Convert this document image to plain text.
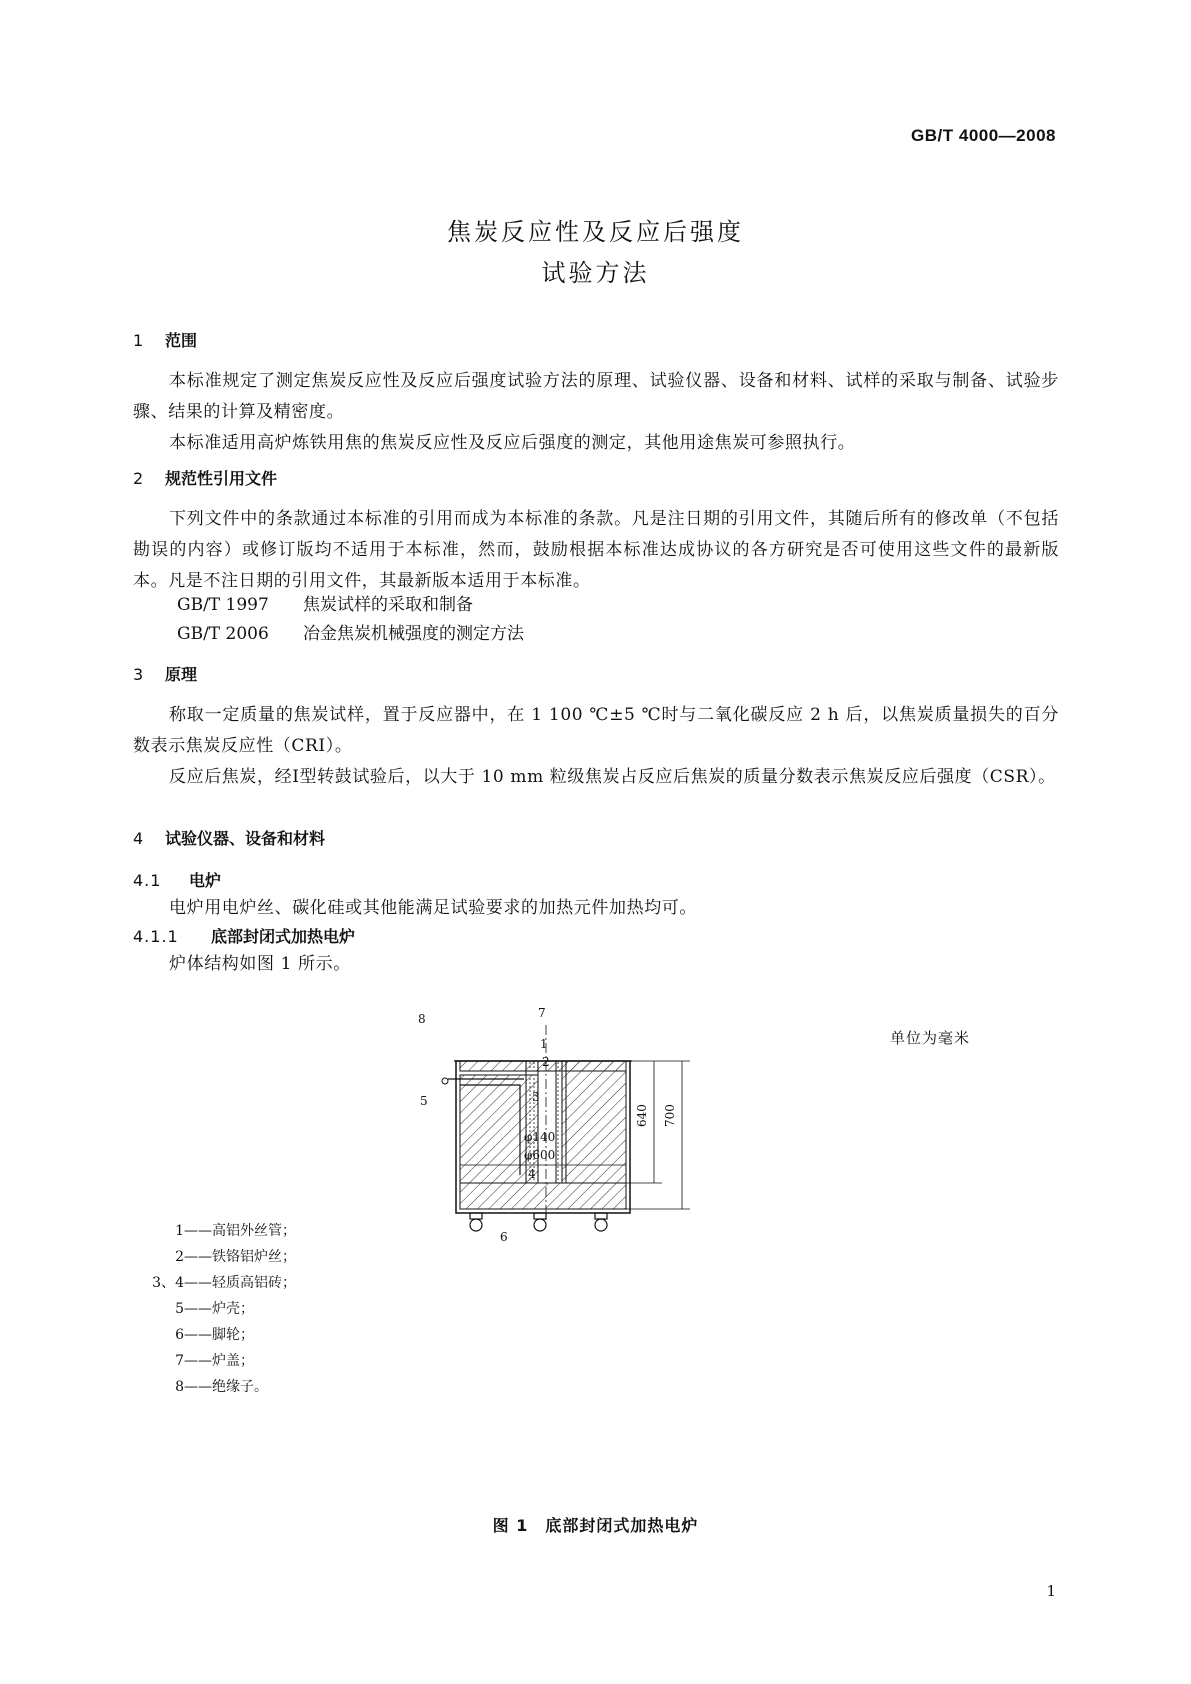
GB/T 4000—2008
焦炭反应性及反应后强度
试验方法
1 范围

本标准规定了测定焦炭反应性及反应后强度试验方法的原理、试验仪器、设备和材料、试样的采取与制备、试验步骤、结果的计算及精密度。

本标准适用高炉炼铁用焦的焦炭反应性及反应后强度的测定，其他用途焦炭可参照执行。

2 规范性引用文件

下列文件中的条款通过本标准的引用而成为本标准的条款。凡是注日期的引用文件，其随后所有的修改单（不包括勘误的内容）或修订版均不适用于本标准，然而，鼓励根据本标准达成协议的各方研究是否可使用这些文件的最新版本。凡是不注日期的引用文件，其最新版本适用于本标准。

GB/T 1997 焦炭试样的采取和制备
GB/T 2006 冶金焦炭机械强度的测定方法
3 原理

称取一定质量的焦炭试样，置于反应器中，在 1 100 ℃±5 ℃时与二氧化碳反应 2 h 后，以焦炭质量损失的百分数表示焦炭反应性（CRI）。

反应后焦炭，经Ⅰ型转鼓试验后，以大于 10 mm 粒级焦炭占反应后焦炭的质量分数表示焦炭反应后强度（CSR）。

4 试验仪器、设备和材料
4.1 电炉

电炉用电炉丝、碳化硅或其他能满足试验要求的加热元件加热均可。

4.1.1 底部封闭式加热电炉

炉体结构如图 1 所示。

单位为毫米
640 700
φ140
φ600
7
1
2
3
4
5
6
8
1——高铝外丝管；
2——铁铬铝炉丝；
3、4——轻质高铝砖；
5——炉壳；
6——脚轮；
7——炉盖；
8——绝缘子。
图 1　底部封闭式加热电炉
1
